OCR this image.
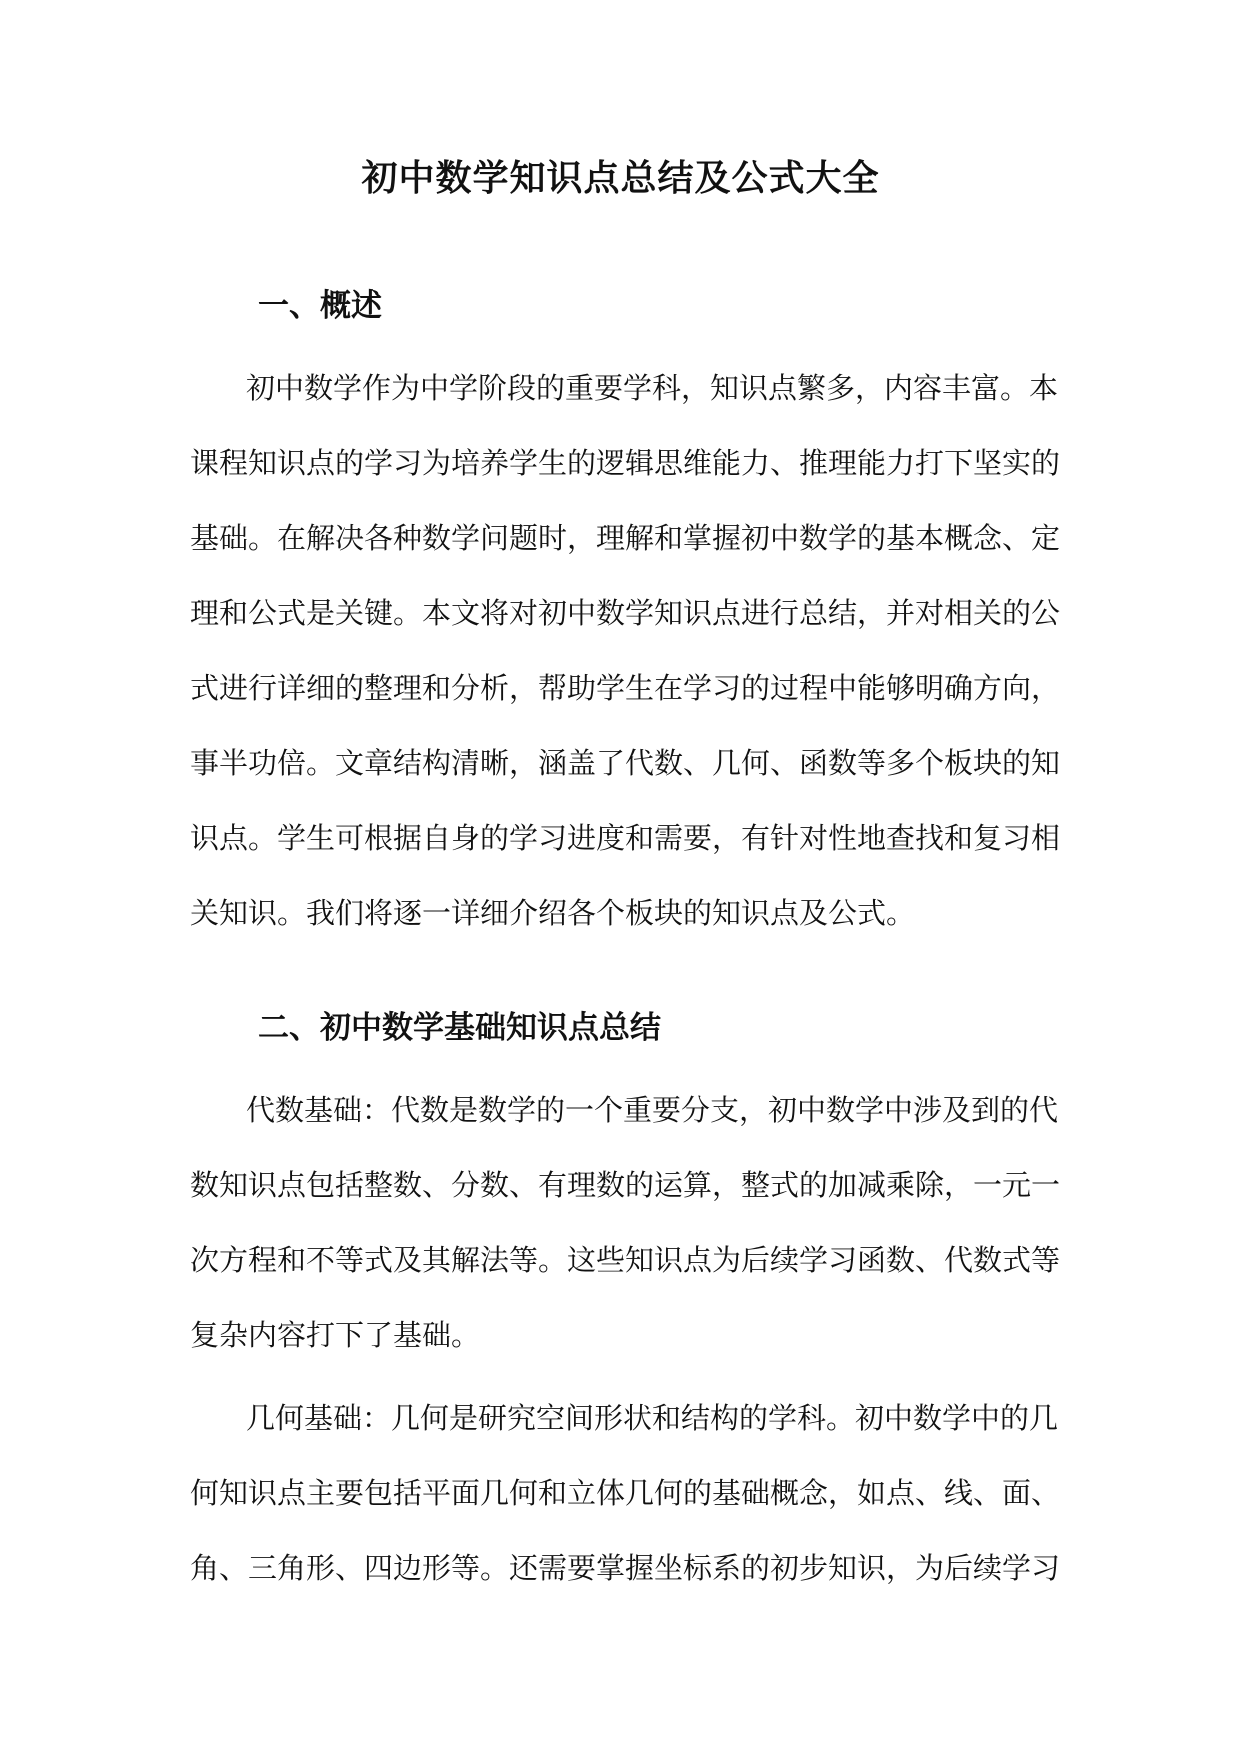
初中数学知识点总结及公式大全
一、概述

初中数学作为中学阶段的重要学科，知识点繁多，内容丰富。本

课程知识点的学习为培养学生的逻辑思维能力、推理能力打下坚实的

基础。在解决各种数学问题时，理解和掌握初中数学的基本概念、定

理和公式是关键。本文将对初中数学知识点进行总结，并对相关的公

式进行详细的整理和分析，帮助学生在学习的过程中能够明确方向，

事半功倍。文章结构清晰，涵盖了代数、几何、函数等多个板块的知

识点。学生可根据自身的学习进度和需要，有针对性地查找和复习相

关知识。我们将逐一详细介绍各个板块的知识点及公式。

二、初中数学基础知识点总结

代数基础：代数是数学的一个重要分支，初中数学中涉及到的代

数知识点包括整数、分数、有理数的运算，整式的加减乘除，一元一

次方程和不等式及其解法等。这些知识点为后续学习函数、代数式等

复杂内容打下了基础。

几何基础：几何是研究空间形状和结构的学科。初中数学中的几

何知识点主要包括平面几何和立体几何的基础概念，如点、线、面、

角、三角形、四边形等。还需要掌握坐标系的初步知识，为后续学习
